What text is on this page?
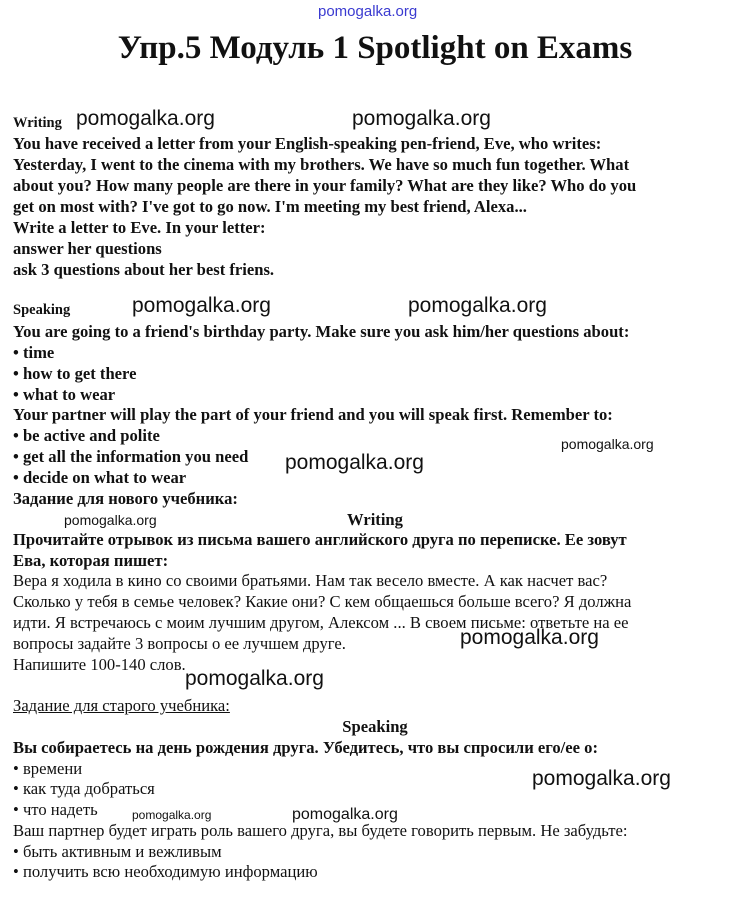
pomogalka.org
Упр.5 Модуль 1 Spotlight on Exams
Writing pomogalka.org	pomogalka.org
You have received a letter from your English-speaking pen-friend, Eve, who writes:
Yesterday, I went to the cinema with my brothers. We have so much fun together. What
about you? How many people are there in your family? What are they like? Who do you
get on most with? I've got to go now. I'm meeting my best friend, Alexa...
Write a letter to Eve. In your letter:
answer her questions
ask 3 questions about her best friens.
Speaking	pomogalka.org	pomogalka.org
You are going to a friend's birthday party. Make sure you ask him/her questions about:
• time
• how to get there
• what to wear
Your partner will play the part of your friend and you will speak first. Remember to:
• be active and polite	pomogalka.org
• get all the information you need pomogalka.org
• decide on what to wear
Задание для нового учебника:
pomogalka.org	Writing
Прочитайте отрывок из письма вашего английского друга по переписке. Ее зовут
Ева, которая пишет:
Вера я ходила в кино со своими братьями. Нам так весело вместе. А как насчет вас?
Сколько у тебя в семье человек? Какие они? С кем общаешься больше всего? Я должна
идти. Я встречаюсь с моим лучшим другом, Алексом ... В своем письме: ответьте на ее
вопросы задайте 3 вопросы о ее лучшем друге.	pomogalka.org
Напишите 100-140 слов.
pomogalka.org
Задание для старого учебника:
Speaking
Вы собираетесь на день рождения друга. Убедитесь, что вы спросили его/ее о:
• времени
• как туда добраться	pomogalka.org
• что надеть	pomogalka.org	pomogalka.org
Ваш партнер будет играть роль вашего друга, вы будете говорить первым. Не забудьте:
• быть активным и вежливым
• получить всю необходимую информацию
